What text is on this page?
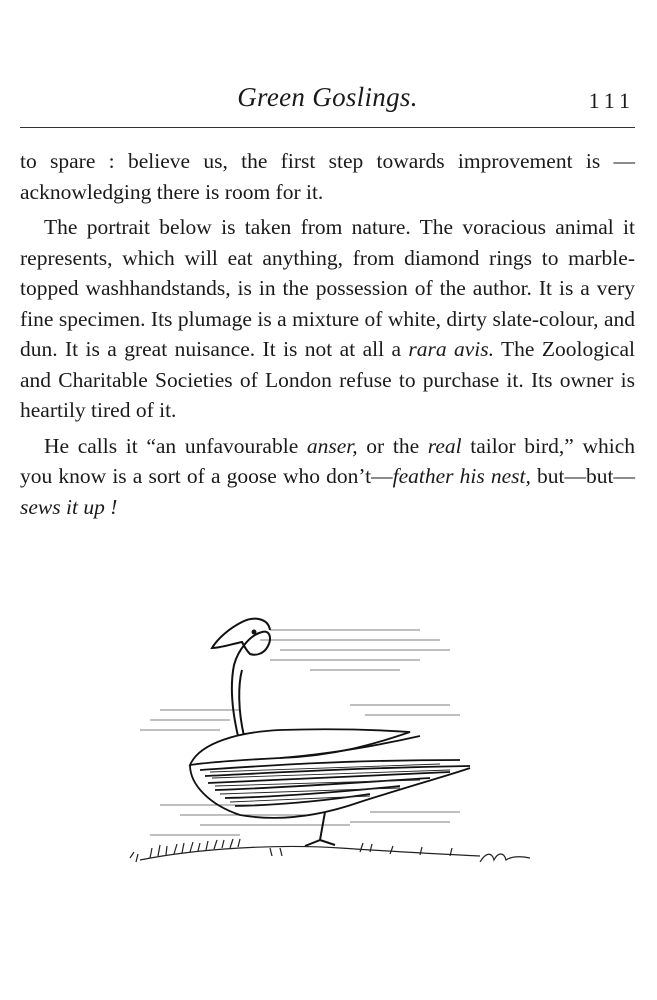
Green Goslings.	111

to spare : believe us, the first step towards improvement is —acknowledging there is room for it.

The portrait below is taken from nature. The voracious animal it represents, which will eat anything, from diamond rings to marble-topped washhandstands, is in the possession of the author. It is a very fine specimen. Its plumage is a mixture of white, dirty slate-colour, and dun. It is a great nuisance. It is not at all a rara avis. The Zoological and Charitable Societies of London refuse to purchase it. Its owner is heartily tired of it.

He calls it “an unfavourable anser, or the real tailor bird,” which you know is a sort of a goose who don’t—feather his nest, but—but—sews it up !
